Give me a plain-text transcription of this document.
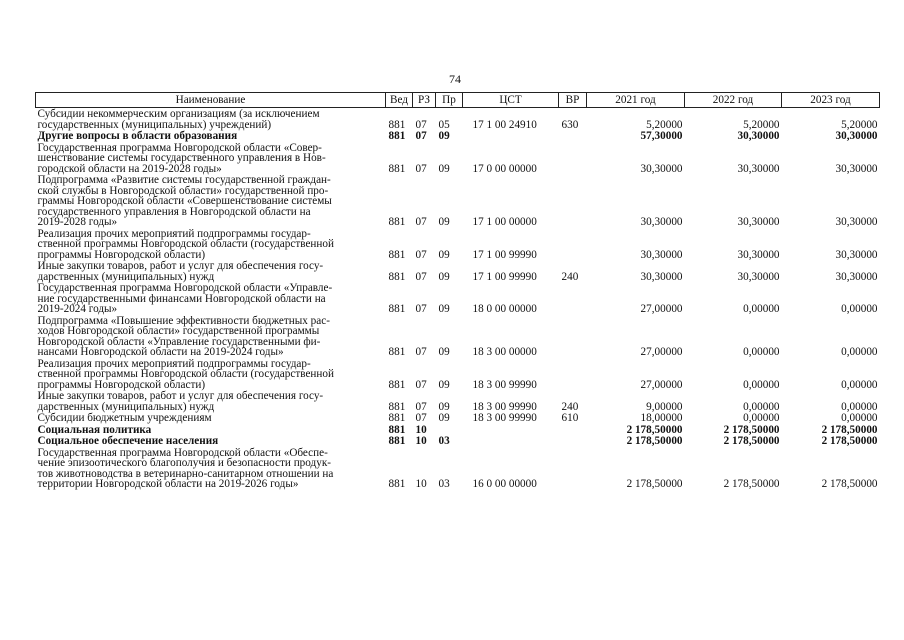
74
Наименование	Вед	РЗ	Пр	ЦСТ	ВР	2021 год	2022 год	2023 год

Субсидии некоммерческим организациям (за исключением
государственных (муниципальных) учреждений)	881	07	05	17 1 00 24910	630	5,20000	5,20000	5,20000

Другие вопросы в области образования	881	07	09			57,30000	30,30000	30,30000

Государственная программа Новгородской области «Совер-
шенствование системы государственного управления в Нов-
городской области на 2019-2028 годы»	881	07	09	17 0 00 00000		30,30000	30,30000	30,30000

Подпрограмма «Развитие системы государственной граждан-
ской службы в Новгородской области» государственной про-
граммы Новгородской области «Совершенствование системы
государственного управления в Новгородской области на
2019-2028 годы»	881	07	09	17 1 00 00000		30,30000	30,30000	30,30000

Реализация прочих мероприятий подпрограммы государ-
ственной программы Новгородской области (государственной
программы Новгородской области)	881	07	09	17 1 00 99990		30,30000	30,30000	30,30000

Иные закупки товаров, работ и услуг для обеспечения госу-
дарственных (муниципальных) нужд	881	07	09	17 1 00 99990	240	30,30000	30,30000	30,30000

Государственная программа Новгородской области «Управле-
ние государственными финансами Новгородской области на
2019-2024 годы»	881	07	09	18 0 00 00000		27,00000	0,00000	0,00000

Подпрограмма «Повышение эффективности бюджетных рас-
ходов Новгородской области» государственной программы
Новгородской области «Управление государственными фи-
нансами Новгородской области на 2019-2024 годы»	881	07	09	18 3 00 00000		27,00000	0,00000	0,00000

Реализация прочих мероприятий подпрограммы государ-
ственной программы Новгородской области (государственной
программы Новгородской области)	881	07	09	18 3 00 99990		27,00000	0,00000	0,00000

Иные закупки товаров, работ и услуг для обеспечения госу-
дарственных (муниципальных) нужд	881	07	09	18 3 00 99990	240	9,00000	0,00000	0,00000

Субсидии бюджетным учреждениям	881	07	09	18 3 00 99990	610	18,00000	0,00000	0,00000

Социальная политика	881	10				2 178,50000	2 178,50000	2 178,50000

Социальное обеспечение населения	881	10	03			2 178,50000	2 178,50000	2 178,50000

Государственная программа Новгородской области «Обеспе-
чение эпизоотического благополучия и безопасности продук-
тов животноводства в ветеринарно-санитарном отношении на
территории Новгородской области на 2019-2026 годы»	881	10	03	16 0 00 00000		2 178,50000	2 178,50000	2 178,50000
